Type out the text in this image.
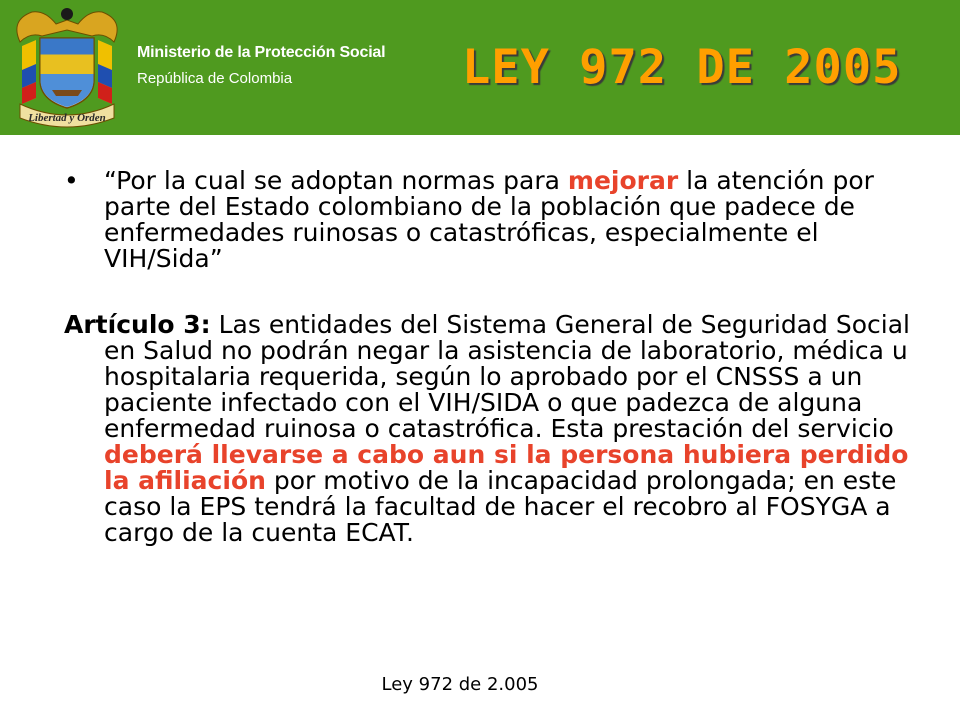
Libertad y Orden
Ministerio de la Protección Social
República de Colombia	LEY 972 DE 2005
• “Por la cual se adoptan normas para mejorar la atención por parte del Estado colombiano de la población que padece de enfermedades ruinosas o catastróficas, especialmente el VIH/Sida”
Artículo 3: Las entidades del Sistema General de Seguridad Social en Salud no podrán negar la asistencia de laboratorio, médica u hospitalaria requerida, según lo aprobado por el CNSSS a un paciente infectado con el VIH/SIDA o que padezca de alguna enfermedad ruinosa o catastrófica. Esta prestación del servicio deberá llevarse a cabo aun si la persona hubiera perdido la afiliación por motivo de la incapacidad prolongada; en este caso la EPS tendrá la facultad de hacer el recobro al FOSYGA a cargo de la cuenta ECAT.
Ley 972 de 2.005
